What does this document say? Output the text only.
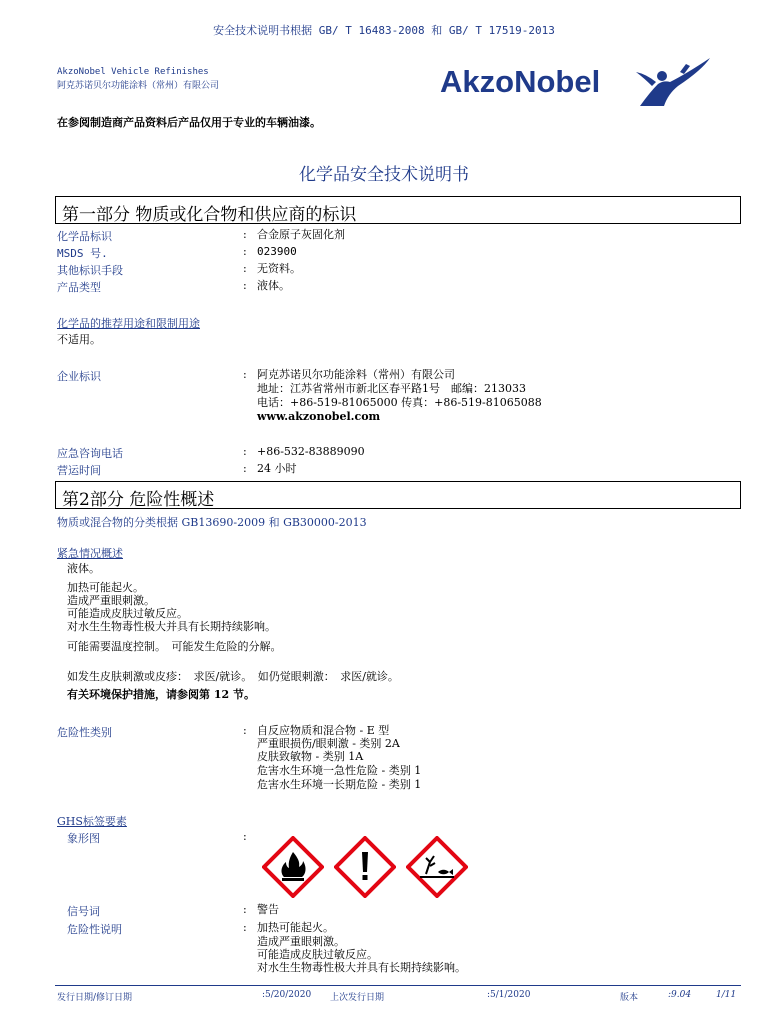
安全技术说明书根据 GB/ T 16483-2008 和 GB/ T 17519-2013
AkzoNobel Vehicle Refinishes
阿克苏诺贝尔功能涂料（常州）有限公司	AkzoNobel
在参阅制造商产品资料后产品仅用于专业的车辆油漆。
化学品安全技术说明书
第一部分 物质或化合物和供应商的标识
化学品标识	: 合金原子灰固化剂
MSDS 号.	: 023900
其他标识手段	: 无资料。
产品类型	: 液体。
化学品的推荐用途和限制用途
不适用。
企业标识	: 阿克苏诺贝尔功能涂料（常州）有限公司
地址：江苏省常州市新北区春平路1号　邮编：213033
电话：+86-519-81065000 传真：+86-519-81065088
www.akzonobel.com
应急咨询电话	: +86-532-83889090
营运时间	: 24 小时
第2部分 危险性概述
物质或混合物的分类根据 GB13690-2009 和 GB30000-2013
紧急情况概述
液体。
加热可能起火。
造成严重眼刺激。
可能造成皮肤过敏反应。
对水生生物毒性极大并具有长期持续影响。
可能需要温度控制。　可能发生危险的分解。
如发生皮肤刺激或皮疹：　求医/就诊。　如仍觉眼刺激：　求医/就诊。
有关环境保护措施，请参阅第 12 节。
危险性类别	: 自反应物质和混合物 - E 型
严重眼损伤/眼刺激 - 类别 2A
皮肤致敏物 - 类别 1A
危害水生环境一急性危险 - 类别 1
危害水生环境一长期危险 - 类别 1
GHS标签要素
象形图	:
信号词	: 警告
危险性说明	: 加热可能起火。
造成严重眼刺激。
可能造成皮肤过敏反应。
对水生生物毒性极大并具有长期持续影响。
发行日期/修订日期	:5/20/2020 上次发行日期	:5/1/2020	版本	:9.04	1/11
